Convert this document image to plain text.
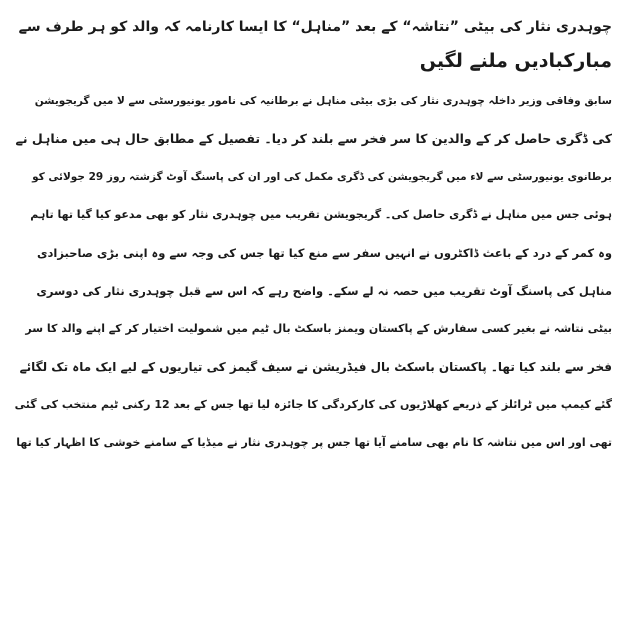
چوہدری نثار کی بیٹی ”نتاشہ“ کے بعد ”مناہل“ کا ایسا کارنامہ کہ والد کو ہر طرف سے
مبارکبادیں ملنے لگیں
سابق وفاقی وزیر داخلہ چوہدری نثار کی بڑی بیٹی مناہل نے برطانیہ کی نامور یونیورسٹی سے لا میں گریجویشن
کی ڈگری حاصل کر کے والدین کا سر فخر سے بلند کر دیا۔ تفصیل کے مطابق حال ہی میں مناہل نے
برطانوی یونیورسٹی سے لاء میں گریجویشن کی ڈگری مکمل کی اور ان کی پاسنگ آوٹ گزشتہ روز 29 جولائی کو
ہوئی جس میں مناہل نے ڈگری حاصل کی۔ گریجویشن تقریب میں چوہدری نثار کو بھی مدعو کیا گیا تھا تاہم
وہ کمر کے درد کے باعث ڈاکٹروں نے انہیں سفر سے منع کیا تھا جس کی وجہ سے وہ اپنی بڑی صاحبزادی
مناہل کی پاسنگ آوٹ تقریب میں حصہ نہ لے سکے۔ واضح رہے کہ اس سے قبل چوہدری نثار کی دوسری
بیٹی نتاشہ نے بغیر کسی سفارش کے پاکستان ویمنز باسکٹ بال ٹیم میں شمولیت اختیار کر کے اپنے والد کا سر
فخر سے بلند کیا تھا۔ پاکستان باسکٹ بال فیڈریشن نے سیف گیمز کی تیاریوں کے لیے ایک ماہ تک لگائے
گئے کیمپ میں ٹرائلز کے ذریعے کھلاڑیوں کی کارکردگی کا جائزہ لیا تھا جس کے بعد 12 رکنی ٹیم منتخب کی گئی
تھی اور اس میں نتاشہ کا نام بھی سامنے آیا تھا جس پر چوہدری نثار نے میڈیا کے سامنے خوشی کا اظہار کیا تھا
